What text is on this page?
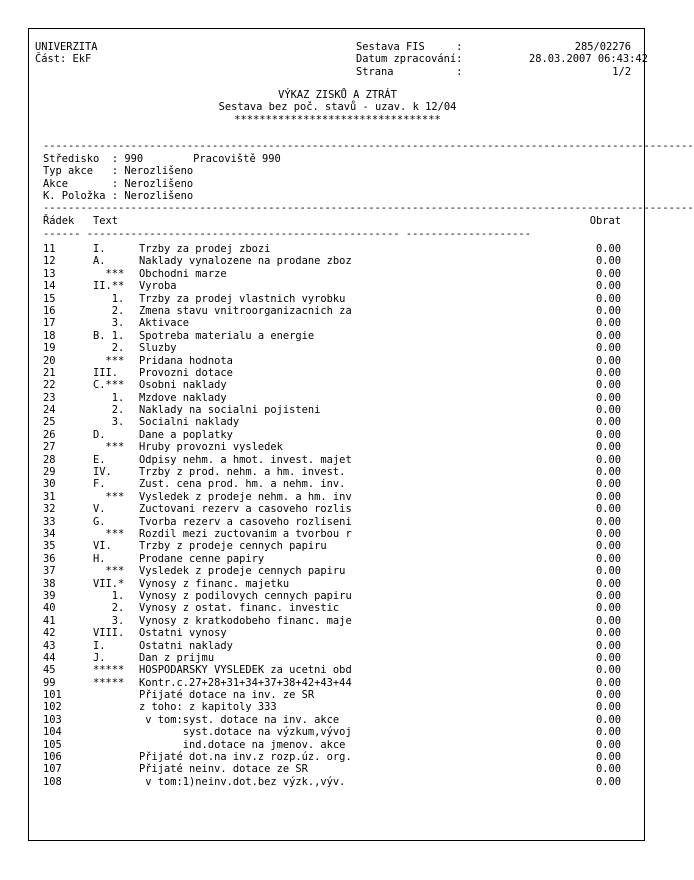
UNIVERZITA
Část: EkF
Sestava FIS     :
Datum zpracování:
Strana          :
285/02276
28.03.2007 06:43:42
1/2
VÝKAZ ZISKŮ A ZTRÁT
Sestava bez poč. stavů - uzav. k 12/04
*********************************
--------------------------------------------------------------------------------------------------------
Středisko  : 990        Pracoviště 990
Typ akce   : Nerozlišeno
Akce       : Nerozlišeno
K. Položka : Nerozlišeno
--------------------------------------------------------------------------------------------------------
Řádek Text	Obrat
------ -------------------------------------------------- --------------------
11	I.	Trzby za prodej zbozi	0.00
12	A.	Naklady vynalozene na prodane zboz	0.00
13	*** Obchodni marze	0.00
14	II.** Vyroba	0.00
15	1. Trzby za prodej vlastnich vyrobku	0.00
16	2. Zmena stavu vnitroorganizacnich za	0.00
17	3. Aktivace	0.00
18	B. 1. Spotreba materialu a energie	0.00
19	2. Sluzby	0.00
20	*** Pridana hodnota	0.00
21	III. Provozni dotace	0.00
22	C.*** Osobni naklady	0.00
23	1. Mzdove naklady	0.00
24	2. Naklady na socialni pojisteni	0.00
25	3. Socialni naklady	0.00
26	D.	Dane a poplatky	0.00
27	*** Hruby provozni vysledek	0.00
28	E.	Odpisy nehm. a hmot. invest. majet	0.00
29	IV.	Trzby z prod. nehm. a hm. invest.	0.00
30	F.	Zust. cena prod. hm. a nehm. inv.	0.00
31	*** Vysledek z prodeje nehm. a hm. inv	0.00
32	V.	Zuctovani rezerv a casoveho rozlis	0.00
33	G.	Tvorba rezerv a casoveho rozliseni	0.00
34	*** Rozdil mezi zuctovanim a tvorbou r	0.00
35	VI.	Trzby z prodeje cennych papiru	0.00
36	H.	Prodane cenne papiry	0.00
37	*** Vysledek z prodeje cennych papiru	0.00
38	VII.* Vynosy z financ. majetku	0.00
39	1. Vynosy z podilovych cennych papiru	0.00
40	2. Vynosy z ostat. financ. investic	0.00
41	3. Vynosy z kratkodobeho financ. maje	0.00
42	VIII. Ostatni vynosy	0.00
43	I.	Ostatni naklady	0.00
44	J.	Dan z prijmu	0.00
45	***** HOSPODARSKY VYSLEDEK za ucetni obd	0.00
99	***** Kontr.c.27+28+31+34+37+38+42+43+44	0.00
101	Přijaté dotace na inv. ze SR	0.00
102	z toho: z kapitoly 333	0.00
103	v tom:syst. dotace na inv. akce	0.00
104	syst.dotace na výzkum,vývoj	0.00
105	ind.dotace na jmenov. akce	0.00
106	Přijaté dot.na inv.z rozp.úz. org.	0.00
107	Přijaté neinv. dotace ze SR	0.00
108	v tom:1)neinv.dot.bez výzk.,výv.	0.00
